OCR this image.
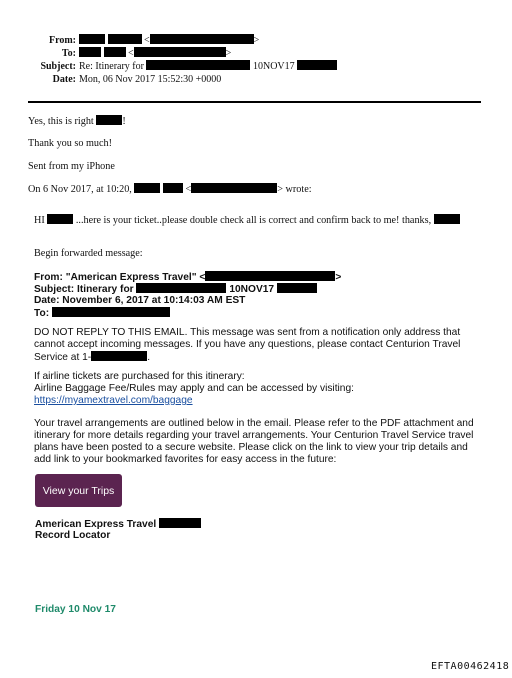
From:	<	>
To:	<	>
Subject: Re: Itinerary for	10NOV17
Date: Mon, 06 Nov 2017 15:52:30 +0000
Yes, this is right	!
Thank you so much!
Sent from my iPhone
On 6 Nov 2017, at 10:20,	<	> wrote:
HI	...here is your ticket..please double check all is correct and confirm back to me! thanks,
Begin forwarded message:
From: "American Express Travel" <	>
Subject: Itinerary for	10NOV17
Date: November 6, 2017 at 10:14:03 AM EST
To:
DO NOT REPLY TO THIS EMAIL. This message was sent from a notification only address that
cannot accept incoming messages. If you have any questions, please contact Centurion Travel
Service at 1-	.
If airline tickets are purchased for this itinerary:
Airline Baggage Fee/Rules may apply and can be accessed by visiting:
https://myamextravel.com/baggage
Your travel arrangements are outlined below in the email. Please refer to the PDF attachment and
itinerary for more details regarding your travel arrangements. Your Centurion Travel Service travel
plans have been posted to a secure website. Please click on the link to view your trip details and
add link to your bookmarked favorites for easy access in the future:
View your Trips
American Express Travel
Record Locator
Friday 10 Nov 17
EFTA00462418
